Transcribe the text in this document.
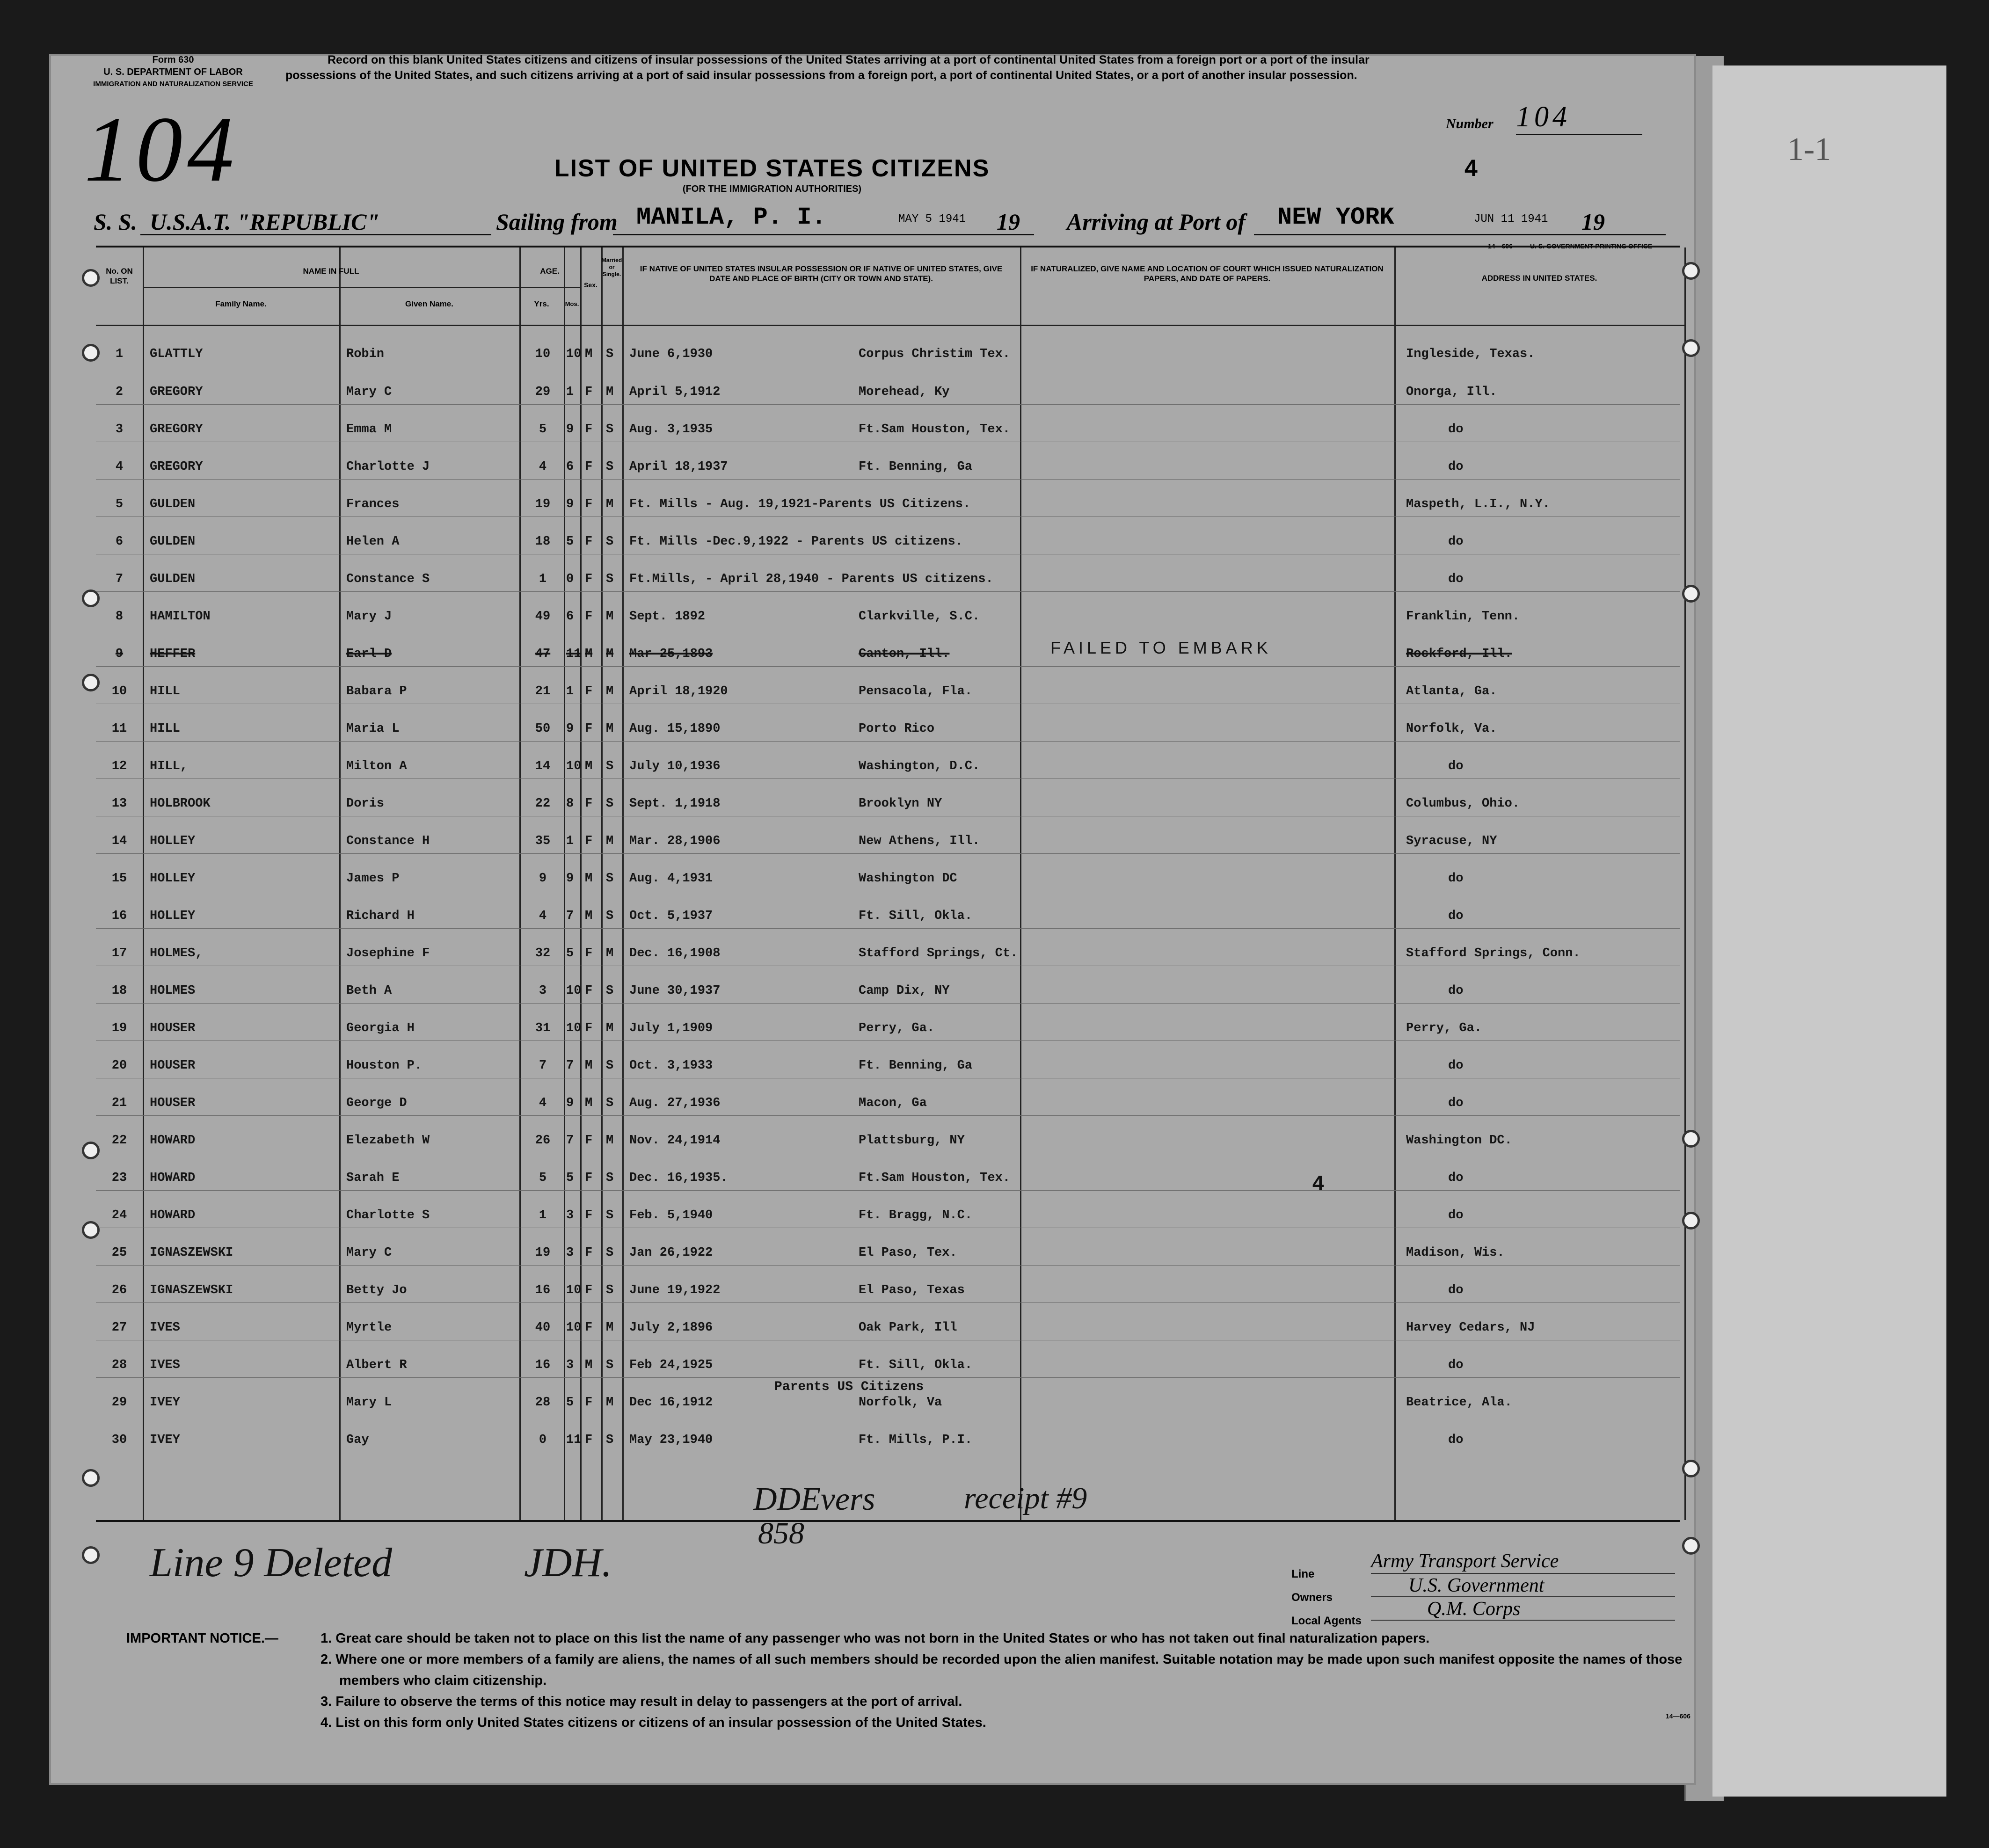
1-1
Form 630
U. S. DEPARTMENT OF LABOR
IMMIGRATION AND NATURALIZATION SERVICE
Record on this blank United States citizens and citizens of insular possessions of the United States arriving at a port of continental United States from a foreign port or a port of the insular possessions of the United States, and such citizens arriving at a port of said insular possessions from a foreign port, a port of continental United States, or a port of another insular possession.
Number 104
104	LIST OF UNITED STATES CITIZENS
(FOR THE IMMIGRATION AUTHORITIES)
4
S. S. U.S.A.T. "REPUBLIC"	Sailing from MANILA, P. I.	MAY 5 1941 19 Arriving at Port of NEW YORK	JUN 11 1941 19
14—606	U. S. GOVERNMENT PRINTING OFFICE
No. ON LIST.
NAME IN FULL
Family Name.	Given Name.
AGE.
Yrs.	Mos.
Sex.
Married or Single.
IF NATIVE OF UNITED STATES INSULAR POSSESSION OR IF NATIVE OF UNITED STATES, GIVE DATE AND PLACE OF BIRTH (CITY OR TOWN AND STATE).
IF NATURALIZED, GIVE NAME AND LOCATION OF COURT WHICH ISSUED NATURALIZATION PAPERS, AND DATE OF PAPERS.	ADDRESS IN UNITED STATES.
1	GLATTLY	Robin	10	10 M S June 6,1930	Corpus Christim Tex.	Ingleside, Texas.
2	GREGORY	Mary C	29	1 F M April 5,1912	Morehead, Ky	Onorga, Ill.
3	GREGORY	Emma M	5	9 F S Aug. 3,1935	Ft.Sam Houston, Tex.	do
4	GREGORY	Charlotte J	4	6 F S April 18,1937	Ft. Benning, Ga	do
5	GULDEN	Frances	19	9 F M Ft. Mills - Aug. 19,1921-Parents US Citizens.	Maspeth, L.I., N.Y.
6	GULDEN	Helen A	18	5 F S Ft. Mills -Dec.9,1922 - Parents US citizens.	do
7	GULDEN	Constance S	1	0 F S Ft.Mills, - April 28,1940 - Parents US citizens.	do
8	HAMILTON	Mary J	49	6 F M Sept. 1892	Clarkville, S.C.	Franklin, Tenn.
9	HEFFER	Earl D	47	11 M M Mar 25,1893	Canton, Ill.	Rockford, Ill.
10	HILL	Babara P	21	1 F M April 18,1920	Pensacola, Fla.	Atlanta, Ga.
11	HILL	Maria L	50	9 F M Aug. 15,1890	Porto Rico	Norfolk, Va.
12	HILL,	Milton A	14	10 M S July 10,1936	Washington, D.C.	do
13	HOLBROOK	Doris	22	8 F S Sept. 1,1918	Brooklyn NY	Columbus, Ohio.
14	HOLLEY	Constance H	35	1 F M Mar. 28,1906	New Athens, Ill.	Syracuse, NY
15	HOLLEY	James P	9	9 M S Aug. 4,1931	Washington DC	do
16	HOLLEY	Richard H	4	7 M S Oct. 5,1937	Ft. Sill, Okla.	do
17	HOLMES,	Josephine F	32	5 F M Dec. 16,1908	Stafford Springs, Ct.	Stafford Springs, Conn.
18	HOLMES	Beth A	3	10 F S June 30,1937	Camp Dix, NY	do
19	HOUSER	Georgia H	31	10 F M July 1,1909	Perry, Ga.	Perry, Ga.
20	HOUSER	Houston P.	7	7 M S Oct. 3,1933	Ft. Benning, Ga	do
21	HOUSER	George D	4	9 M S Aug. 27,1936	Macon, Ga	do
22	HOWARD	Elezabeth W	26	7 F M Nov. 24,1914	Plattsburg, NY	Washington DC.
23	HOWARD	Sarah E	5	5 F S Dec. 16,1935.	Ft.Sam Houston, Tex.	do
24	HOWARD	Charlotte S	1	3 F S Feb. 5,1940	Ft. Bragg, N.C.	do
25	IGNASZEWSKI	Mary C	19	3 F S Jan 26,1922	El Paso, Tex.	Madison, Wis.
26	IGNASZEWSKI	Betty Jo	16	10 F S June 19,1922	El Paso, Texas	do
27	IVES	Myrtle	40	10 F M July 2,1896	Oak Park, Ill	Harvey Cedars, NJ
28	IVES	Albert R	16	3 M S Feb 24,1925	Ft. Sill, Okla.	do
29	IVEY	Mary L	28	5 F M Dec 16,1912	Norfolk, Va	Beatrice, Ala.
30	IVEY	Gay	0	11 F S May 23,1940	Ft. Mills, P.I.	do
FAILED TO EMBARK
Parents US Citizens
4
DDEvers
858
receipt #9
Line 9 Deleted	JDH.	Line
Owners
Local Agents
Army Transport Service
U.S. Government
Q.M. Corps
IMPORTANT NOTICE.—	1. Great care should be taken not to place on this list the name of any passenger who was not born in the United States or who has not taken out final naturalization papers.
2. Where one or more members of a family are aliens, the names of all such members should be recorded upon the alien manifest. Suitable notation may be made upon such manifest opposite the names of those members who claim citizenship.
3. Failure to observe the terms of this notice may result in delay to passengers at the port of arrival.
4. List on this form only United States citizens or citizens of an insular possession of the United States.	14—606
